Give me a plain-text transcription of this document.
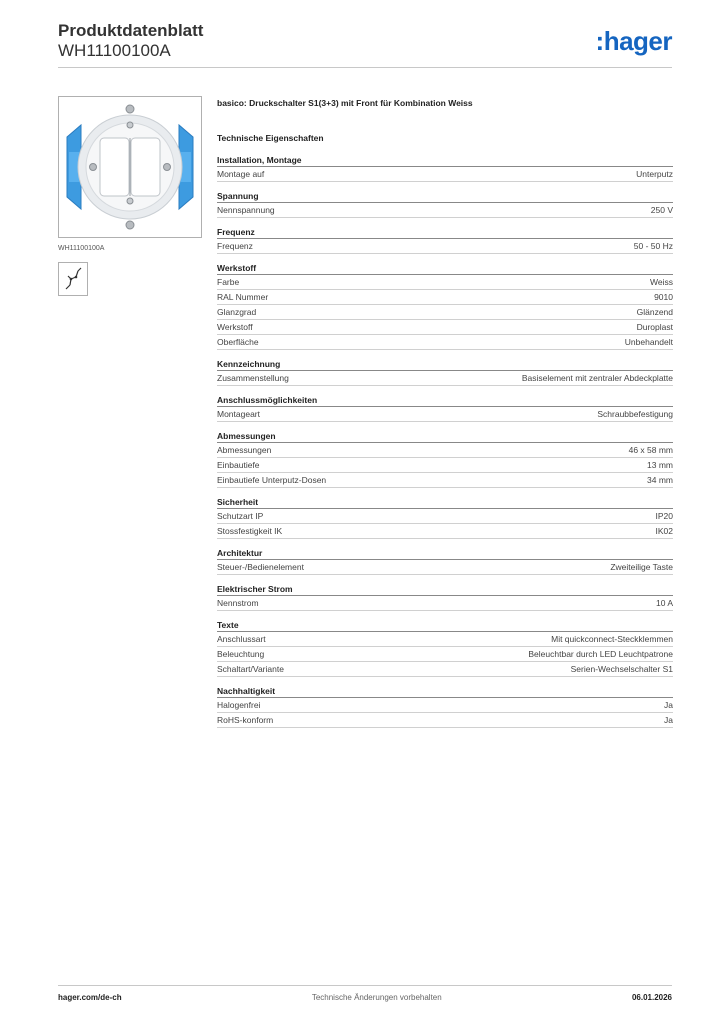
Produktdatenblatt
WH11100100A	:hager
WH11100100A
basico: Druckschalter S1(3+3) mit Front für Kombination Weiss
Technische Eigenschaften
Installation, Montage
Montage auf	Unterputz
Spannung
Nennspannung	250 V
Frequenz
Frequenz	50 - 50 Hz
Werkstoff
Farbe	Weiss
RAL Nummer	9010
Glanzgrad	Glänzend
Werkstoff	Duroplast
Oberfläche	Unbehandelt
Kennzeichnung
Zusammenstellung	Basiselement mit zentraler Abdeckplatte
Anschlussmöglichkeiten
Montageart	Schraubbefestigung
Abmessungen
Abmessungen	46 x 58 mm
Einbautiefe	13 mm
Einbautiefe Unterputz-Dosen	34 mm
Sicherheit
Schutzart IP	IP20
Stossfestigkeit IK	IK02
Architektur
Steuer-/Bedienelement	Zweiteilige Taste
Elektrischer Strom
Nennstrom	10 A
Texte
Anschlussart	Mit quickconnect-Steckklemmen
Beleuchtung	Beleuchtbar durch LED Leuchtpatrone
Schaltart/Variante	Serien-Wechselschalter S1
Nachhaltigkeit
Halogenfrei	Ja
RoHS-konform	Ja
hager.com/de-ch	Technische Änderungen vorbehalten	06.01.2026
